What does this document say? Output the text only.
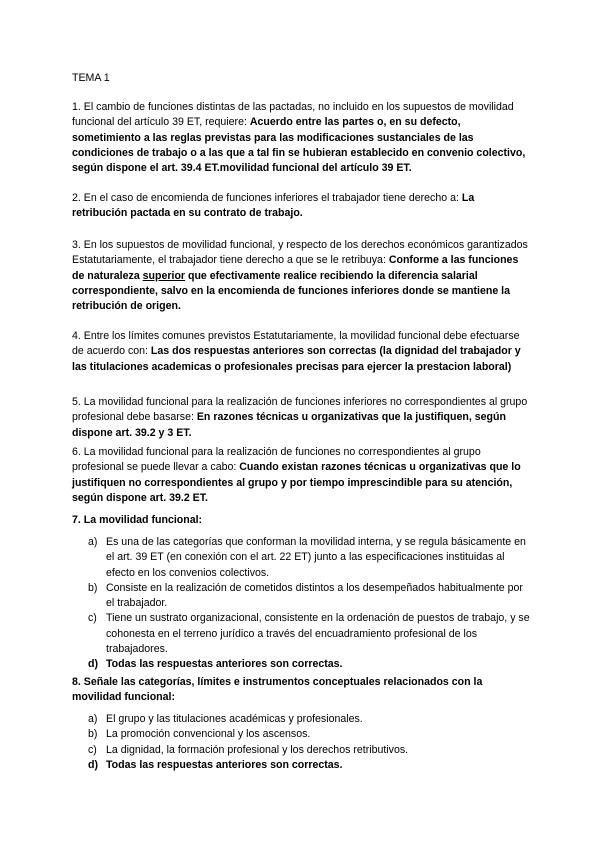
TEMA 1
1. El cambio de funciones distintas de las pactadas, no incluido en los supuestos de movilidad funcional del artículo 39 ET, requiere: Acuerdo entre las partes o, en su defecto, sometimiento a las reglas previstas para las modificaciones sustanciales de las condiciones de trabajo o a las que a tal fin se hubieran establecido en convenio colectivo, según dispone el art. 39.4 ET.movilidad funcional del artículo 39 ET.
2. En el caso de encomienda de funciones inferiores el trabajador tiene derecho a: La retribución pactada en su contrato de trabajo.
3. En los supuestos de movilidad funcional, y respecto de los derechos económicos garantizados Estatutariamente, el trabajador tiene derecho a que se le retribuya: Conforme a las funciones de naturaleza superior que efectivamente realice recibiendo la diferencia salarial correspondiente, salvo en la encomienda de funciones inferiores donde se mantiene la retribución de origen.
4. Entre los límites comunes previstos Estatutariamente, la movilidad funcional debe efectuarse de acuerdo con: Las dos respuestas anteriores son correctas (la dignidad del trabajador y las titulaciones academicas o profesionales precisas para ejercer la prestacion laboral)
5. La movilidad funcional para la realización de funciones inferiores no correspondientes al grupo profesional debe basarse: En razones técnicas u organizativas que la justifiquen, según dispone art. 39.2 y 3 ET.
6. La movilidad funcional para la realización de funciones no correspondientes al grupo profesional se puede llevar a cabo: Cuando existan razones técnicas u organizativas que lo justifiquen no correspondientes al grupo y por tiempo imprescindible para su atención, según dispone art. 39.2 ET.
7. La movilidad funcional:
a) Es una de las categorías que conforman la movilidad interna, y se regula básicamente en el art. 39 ET (en conexión con el art. 22 ET) junto a las especificaciones instituidas al efecto en los convenios colectivos.
b) Consiste en la realización de cometidos distintos a los desempeñados habitualmente por el trabajador.
c) Tiene un sustrato organizacional, consistente en la ordenación de puestos de trabajo, y se cohonesta en el terreno jurídico a través del encuadramiento profesional de los trabajadores.
d) Todas las respuestas anteriores son correctas.
8. Señale las categorías, límites e instrumentos conceptuales relacionados con la movilidad funcional:
a) El grupo y las titulaciones académicas y profesionales.
b) La promoción convencional y los ascensos.
c) La dignidad, la formación profesional y los derechos retributivos.
d) Todas las respuestas anteriores son correctas.
